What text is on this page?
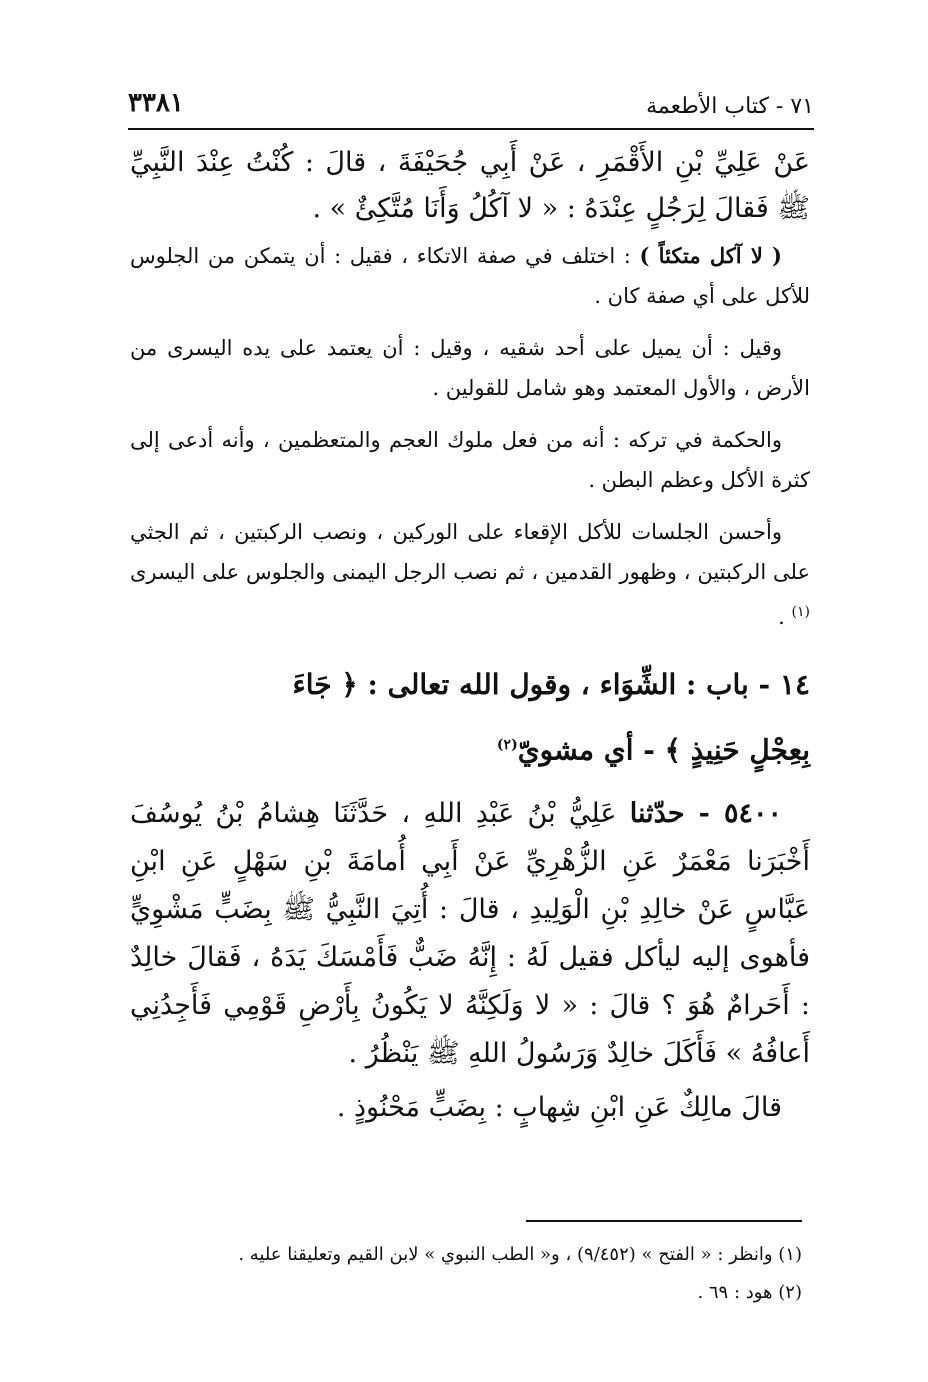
٧١ - كتاب الأطعمة
٣٣٨١

عَنْ عَلِيِّ بْنِ الأَقْمَرِ ، عَنْ أَبِي جُحَيْفَةَ ، قالَ : كُنْتُ عِنْدَ النَّبِيِّ ﷺ فَقالَ لِرَجُلٍ عِنْدَهُ : « لا آكُلُ وَأَنَا مُتَّكِئٌ » .

( لا آكل متكئاً ) : اختلف في صفة الاتكاء ، فقيل : أن يتمكن من الجلوس للأكل على أي صفة كان .

وقيل : أن يميل على أحد شقيه ، وقيل : أن يعتمد على يده اليسرى من الأرض ، والأول المعتمد وهو شامل للقولين .

والحكمة في تركه : أنه من فعل ملوك العجم والمتعظمين ، وأنه أدعى إلى كثرة الأكل وعظم البطن .

وأحسن الجلسات للأكل الإقعاء على الوركين ، ونصب الركبتين ، ثم الجثي على الركبتين ، وظهور القدمين ، ثم نصب الرجل اليمنى والجلوس على اليسرى $^{(١)}$ .

١٤ - باب : الشِّوَاء ، وقول الله تعالى : ﴿ جَاءَ
بِعِجْلٍ حَنِيذٍ ﴾ - أي مشويّ$^{(٢)}$

٥٤٠٠ - حدّثنا عَلِيُّ بْنُ عَبْدِ اللهِ ، حَدَّثَنَا هِشامُ بْنُ يُوسُفَ أَخْبَرَنا مَعْمَرٌ عَنِ الزُّهْرِيِّ عَنْ أَبِي أُمامَةَ بْنِ سَهْلٍ عَنِ ابْنِ عَبَّاسٍ عَنْ خالِدِ بْنِ الْوَلِيدِ ، قالَ : أُتِيَ النَّبِيُّ ﷺ بِضَبٍّ مَشْوِيٍّ فأهوى إليه ليأكل فقيل لَهُ : إِنَّهُ ضَبٌّ فَأَمْسَكَ يَدَهُ ، فَقالَ خالِدٌ : أَحَرامٌ هُوَ ؟ قالَ : « لا وَلَكِنَّهُ لا يَكُونُ بِأَرْضِ قَوْمِي فَأَجِدُنِي أَعافُهُ » فَأَكَلَ خالِدٌ وَرَسُولُ اللهِ ﷺ يَنْظُرُ .

قالَ مالِكٌ عَنِ ابْنِ شِهابٍ : بِضَبٍّ مَحْنُوذٍ .

(١) وانظر : « الفتح » (٩/٤٥٢) ، و« الطب النبوي » لابن القيم وتعليقنا عليه .

(٢) هود : ٦٩ .
